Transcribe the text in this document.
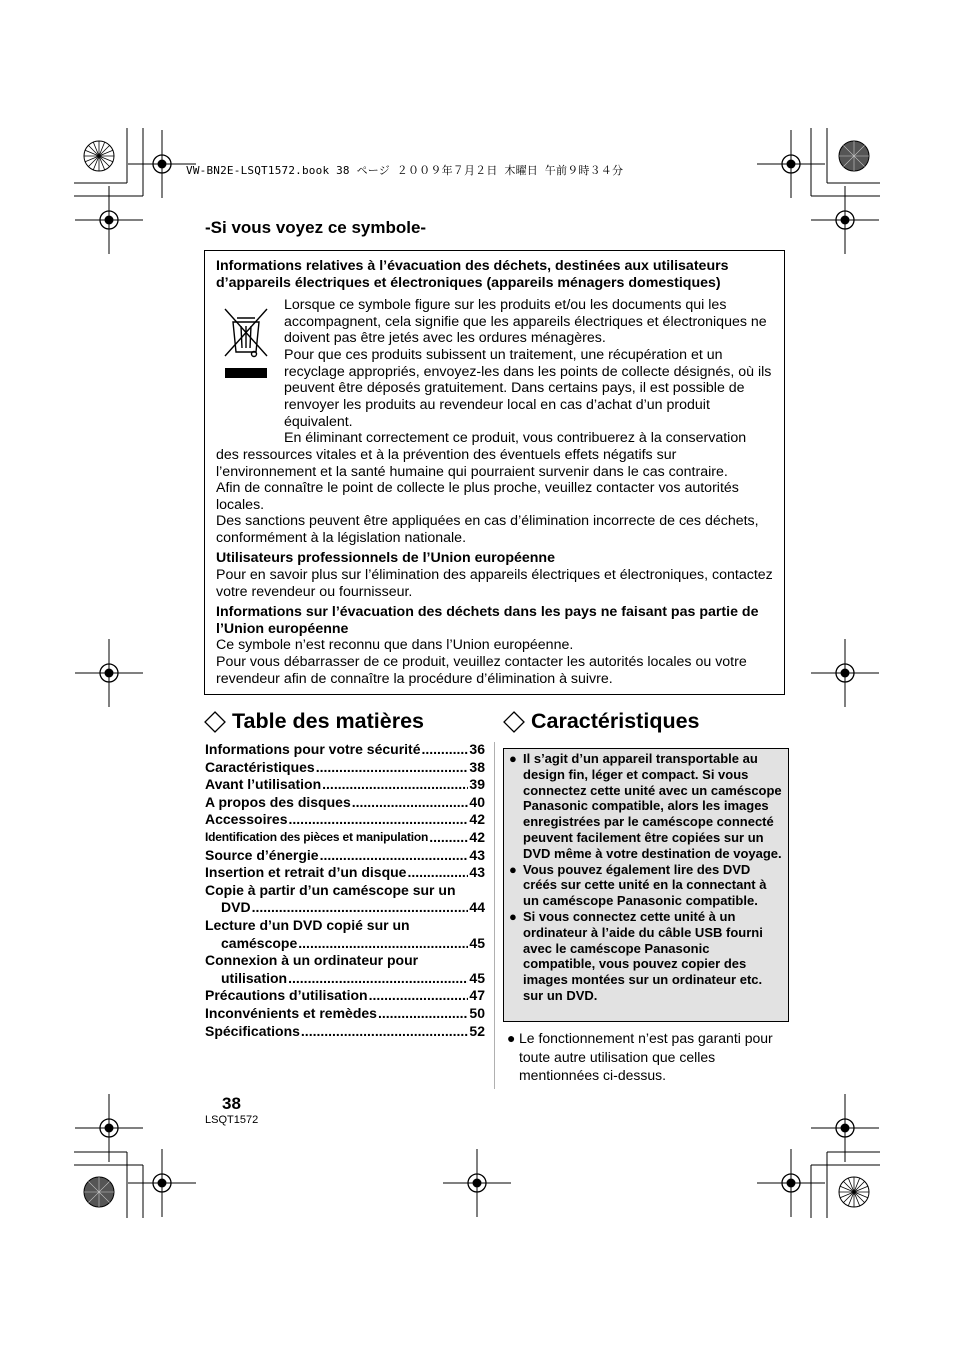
VW-BN2E-LSQT1572.book 38 ページ ２００９年７月２日 木曜日 午前９時３４分
-Si vous voyez ce symbole-
Informations relatives à l’évacuation des déchets, destinées aux utilisateurs d’appareils électriques et électroniques (appareils ménagers domestiques)
Lorsque ce symbole figure sur les produits et/ou les documents qui les accompagnent, cela signifie que les appareils électriques et électroniques ne doivent pas être jetés avec les ordures ménagères.
Pour que ces produits subissent un traitement, une récupération et un recyclage appropriés, envoyez-les dans les points de collecte désignés, où ils peuvent être déposés gratuitement. Dans certains pays, il est possible de renvoyer les produits au revendeur local en cas d’achat d’un produit équivalent.
En éliminant correctement ce produit, vous contribuerez à la conservation
des ressources vitales et à la prévention des éventuels effets négatifs sur l’environnement et la santé humaine qui pourraient survenir dans le cas contraire.
Afin de connaître le point de collecte le plus proche, veuillez contacter vos autorités locales.
Des sanctions peuvent être appliquées en cas d’élimination incorrecte de ces déchets, conformément à la législation nationale.
Utilisateurs professionnels de l’Union européenne
Pour en savoir plus sur l’élimination des appareils électriques et électroniques, contactez votre revendeur ou fournisseur.
Informations sur l’évacuation des déchets dans les pays ne faisant pas partie de l’Union européenne
Ce symbole n’est reconnu que dans l’Union européenne.
Pour vous débarrasser de ce produit, veuillez contacter les autorités locales ou votre revendeur afin de connaître la procédure d’élimination à suivre.
Table des matières
Informations pour votre sécurité .....	36
Caractéristiques .....	38
Avant l’utilisation .....	39
A propos des disques .....	40
Accessoires .....	42
Identification des pièces et manipulation .....	42
Source d’énergie .....	43
Insertion et retrait d’un disque .....	43
Copie à partir d’un caméscope sur un
DVD .....	44
Lecture d’un DVD copié sur un
caméscope .....	45
Connexion à un ordinateur pour
utilisation .....	45
Précautions d’utilisation .....	47
Inconvénients et remèdes .....	50
Spécifications .....	52
Caractéristiques
● Il s’agit d’un appareil transportable au design fin, léger et compact. Si vous connectez cette unité avec un caméscope Panasonic compatible, alors les images enregistrées par le caméscope connecté peuvent facilement être copiées sur un DVD même à votre destination de voyage.
● Vous pouvez également lire des DVD créés sur cette unité en la connectant à un caméscope Panasonic compatible.
● Si vous connectez cette unité à un ordinateur à l’aide du câble USB fourni avec le caméscope Panasonic compatible, vous pouvez copier des images montées sur un ordinateur etc. sur un DVD.
● Le fonctionnement n’est pas garanti pour toute autre utilisation que celles mentionnées ci-dessus.
38
LSQT1572
